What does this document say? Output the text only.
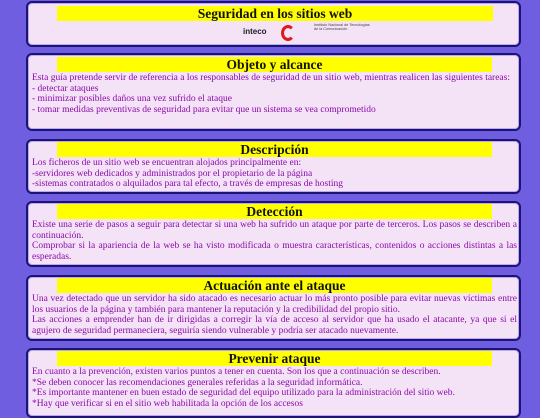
Seguridad en los sitios web
inteco
Instituto Nacional de Tecnologías de la Comunicación
Objeto y alcance
Esta guía pretende servir de referencia a los responsables de seguridad de un sitio web, mientras realicen las siguientes tareas:
- detectar ataques
- minimizar posibles daños una vez sufrido el ataque
- tomar medidas preventivas de seguridad para evitar que un sistema se vea comprometido
Descripción
Los ficheros de un sitio web se encuentran alojados principalmente en:
-servidores web dedicados y administrados por el propietario de la página
-sistemas contratados o alquilados para tal efecto, a través de empresas de hosting
Detección
Existe una serie de pasos a seguir para detectar si una web ha sufrido un ataque por parte de terceros. Los pasos se describen a continuación.
Comprobar si la apariencia de la web se ha visto modificada o muestra características, contenidos o acciones distintas a las esperadas.
Actuación ante el ataque
Una vez detectado que un servidor ha sido atacado es necesario actuar lo más pronto posible para evitar nuevas víctimas entre los usuarios de la página y también para mantener la reputación y la credibilidad del propio sitio.
Las acciones a emprender han de ir dirigidas a corregir la vía de acceso al servidor que ha usado el atacante, ya que si el agujero de seguridad permaneciera, seguiría siendo vulnerable y podría ser atacado nuevamente.
Prevenir ataque
En cuanto a la prevención, existen varios puntos a tener en cuenta. Son los que a continuación se describen.
*Se deben conocer las recomendaciones generales referidas a la seguridad informática.
*Es importante mantener en buen estado de seguridad del equipo utilizado para la administración del sitio web.
*Hay que verificar si en el sitio web habilitada la opción de los accesos
